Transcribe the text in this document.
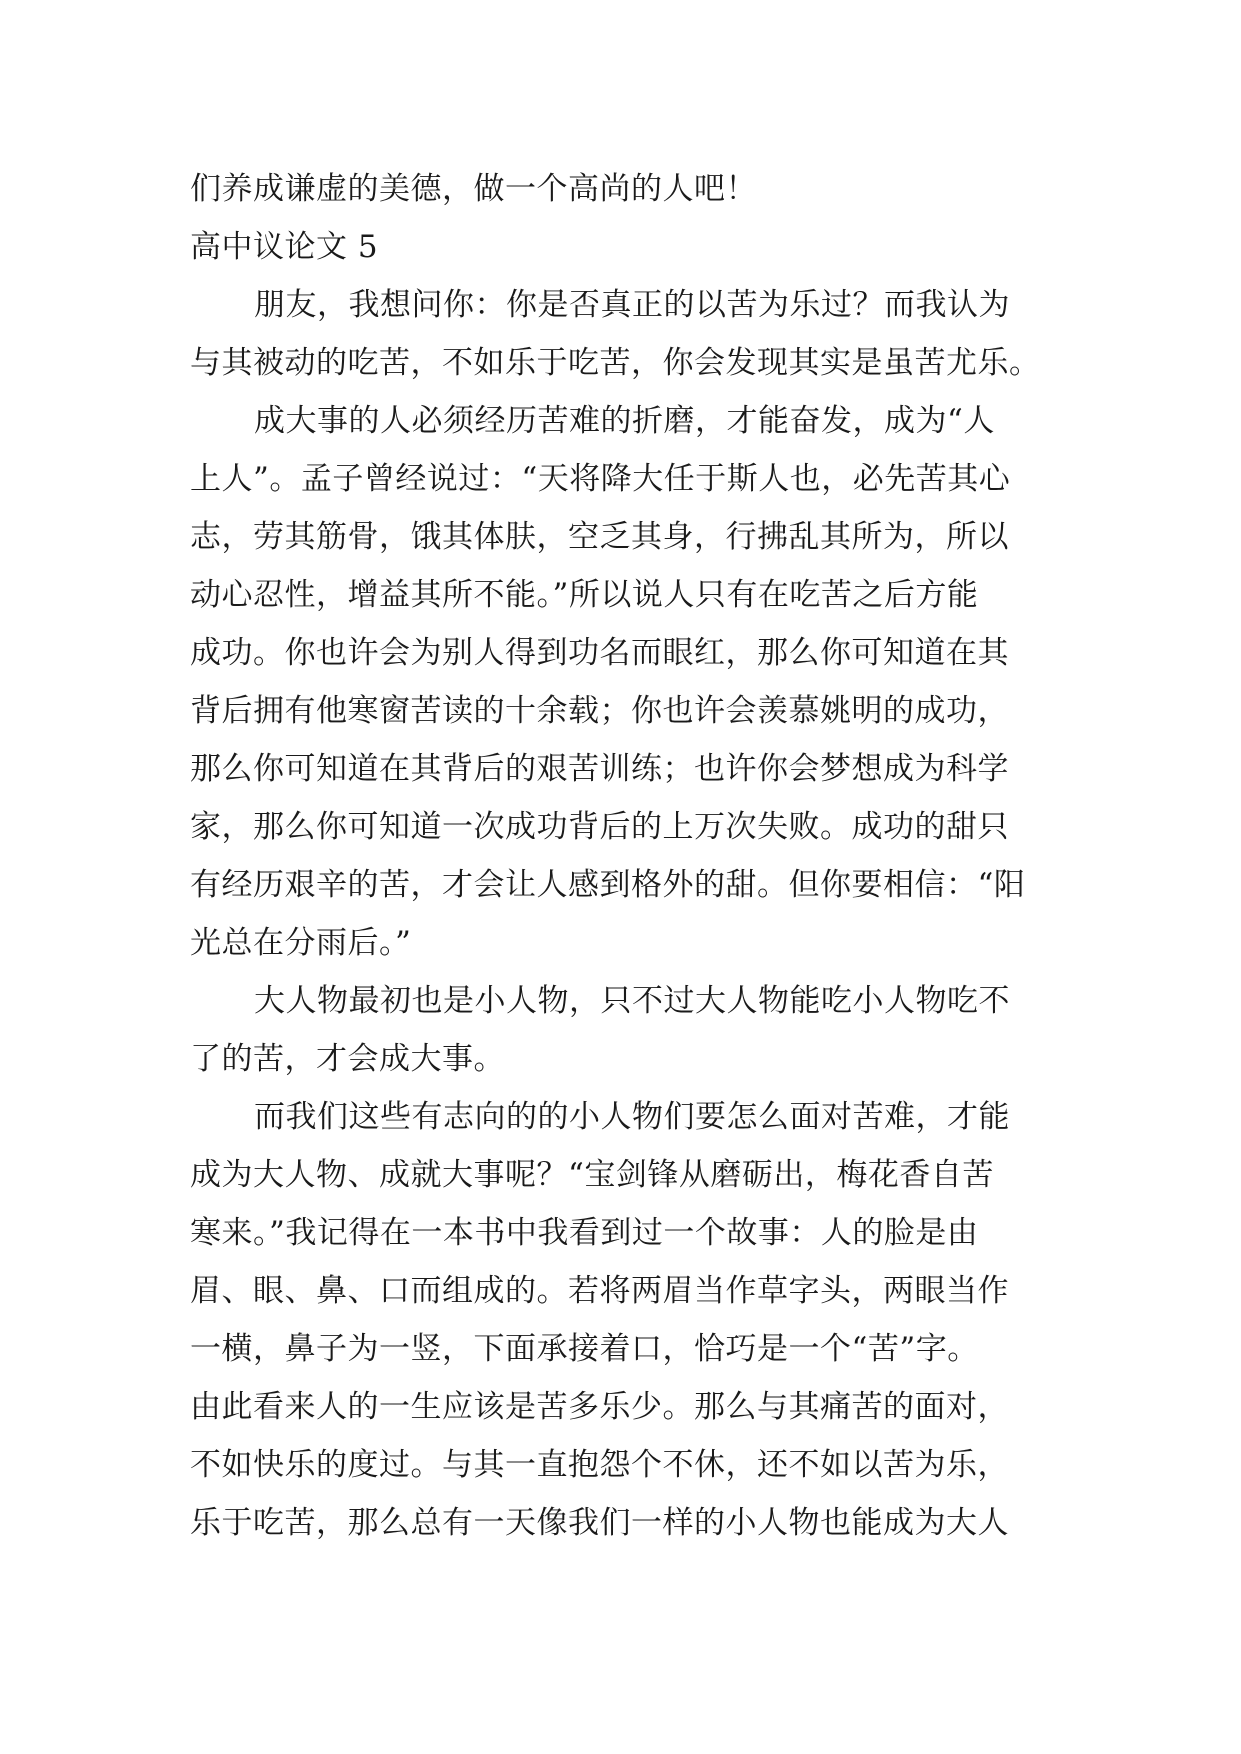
们养成谦虚的美德，做一个高尚的人吧！
高中议论文 5
朋友，我想问你：你是否真正的以苦为乐过？而我认为
与其被动的吃苦，不如乐于吃苦，你会发现其实是虽苦尤乐。
成大事的人必须经历苦难的折磨，才能奋发，成为“人
上人”。孟子曾经说过：“天将降大任于斯人也，必先苦其心
志，劳其筋骨，饿其体肤，空乏其身，行拂乱其所为，所以
动心忍性，增益其所不能。”所以说人只有在吃苦之后方能
成功。你也许会为别人得到功名而眼红，那么你可知道在其
背后拥有他寒窗苦读的十余载；你也许会羡慕姚明的成功，
那么你可知道在其背后的艰苦训练；也许你会梦想成为科学
家，那么你可知道一次成功背后的上万次失败。成功的甜只
有经历艰辛的苦，才会让人感到格外的甜。但你要相信：“阳
光总在分雨后。”
大人物最初也是小人物，只不过大人物能吃小人物吃不
了的苦，才会成大事。
而我们这些有志向的的小人物们要怎么面对苦难，才能
成为大人物、成就大事呢？“宝剑锋从磨砺出，梅花香自苦
寒来。”我记得在一本书中我看到过一个故事：人的脸是由
眉、眼、鼻、口而组成的。若将两眉当作草字头，两眼当作
一横，鼻子为一竖，下面承接着口，恰巧是一个“苦”字。
由此看来人的一生应该是苦多乐少。那么与其痛苦的面对，
不如快乐的度过。与其一直抱怨个不休，还不如以苦为乐，
乐于吃苦，那么总有一天像我们一样的小人物也能成为大人
